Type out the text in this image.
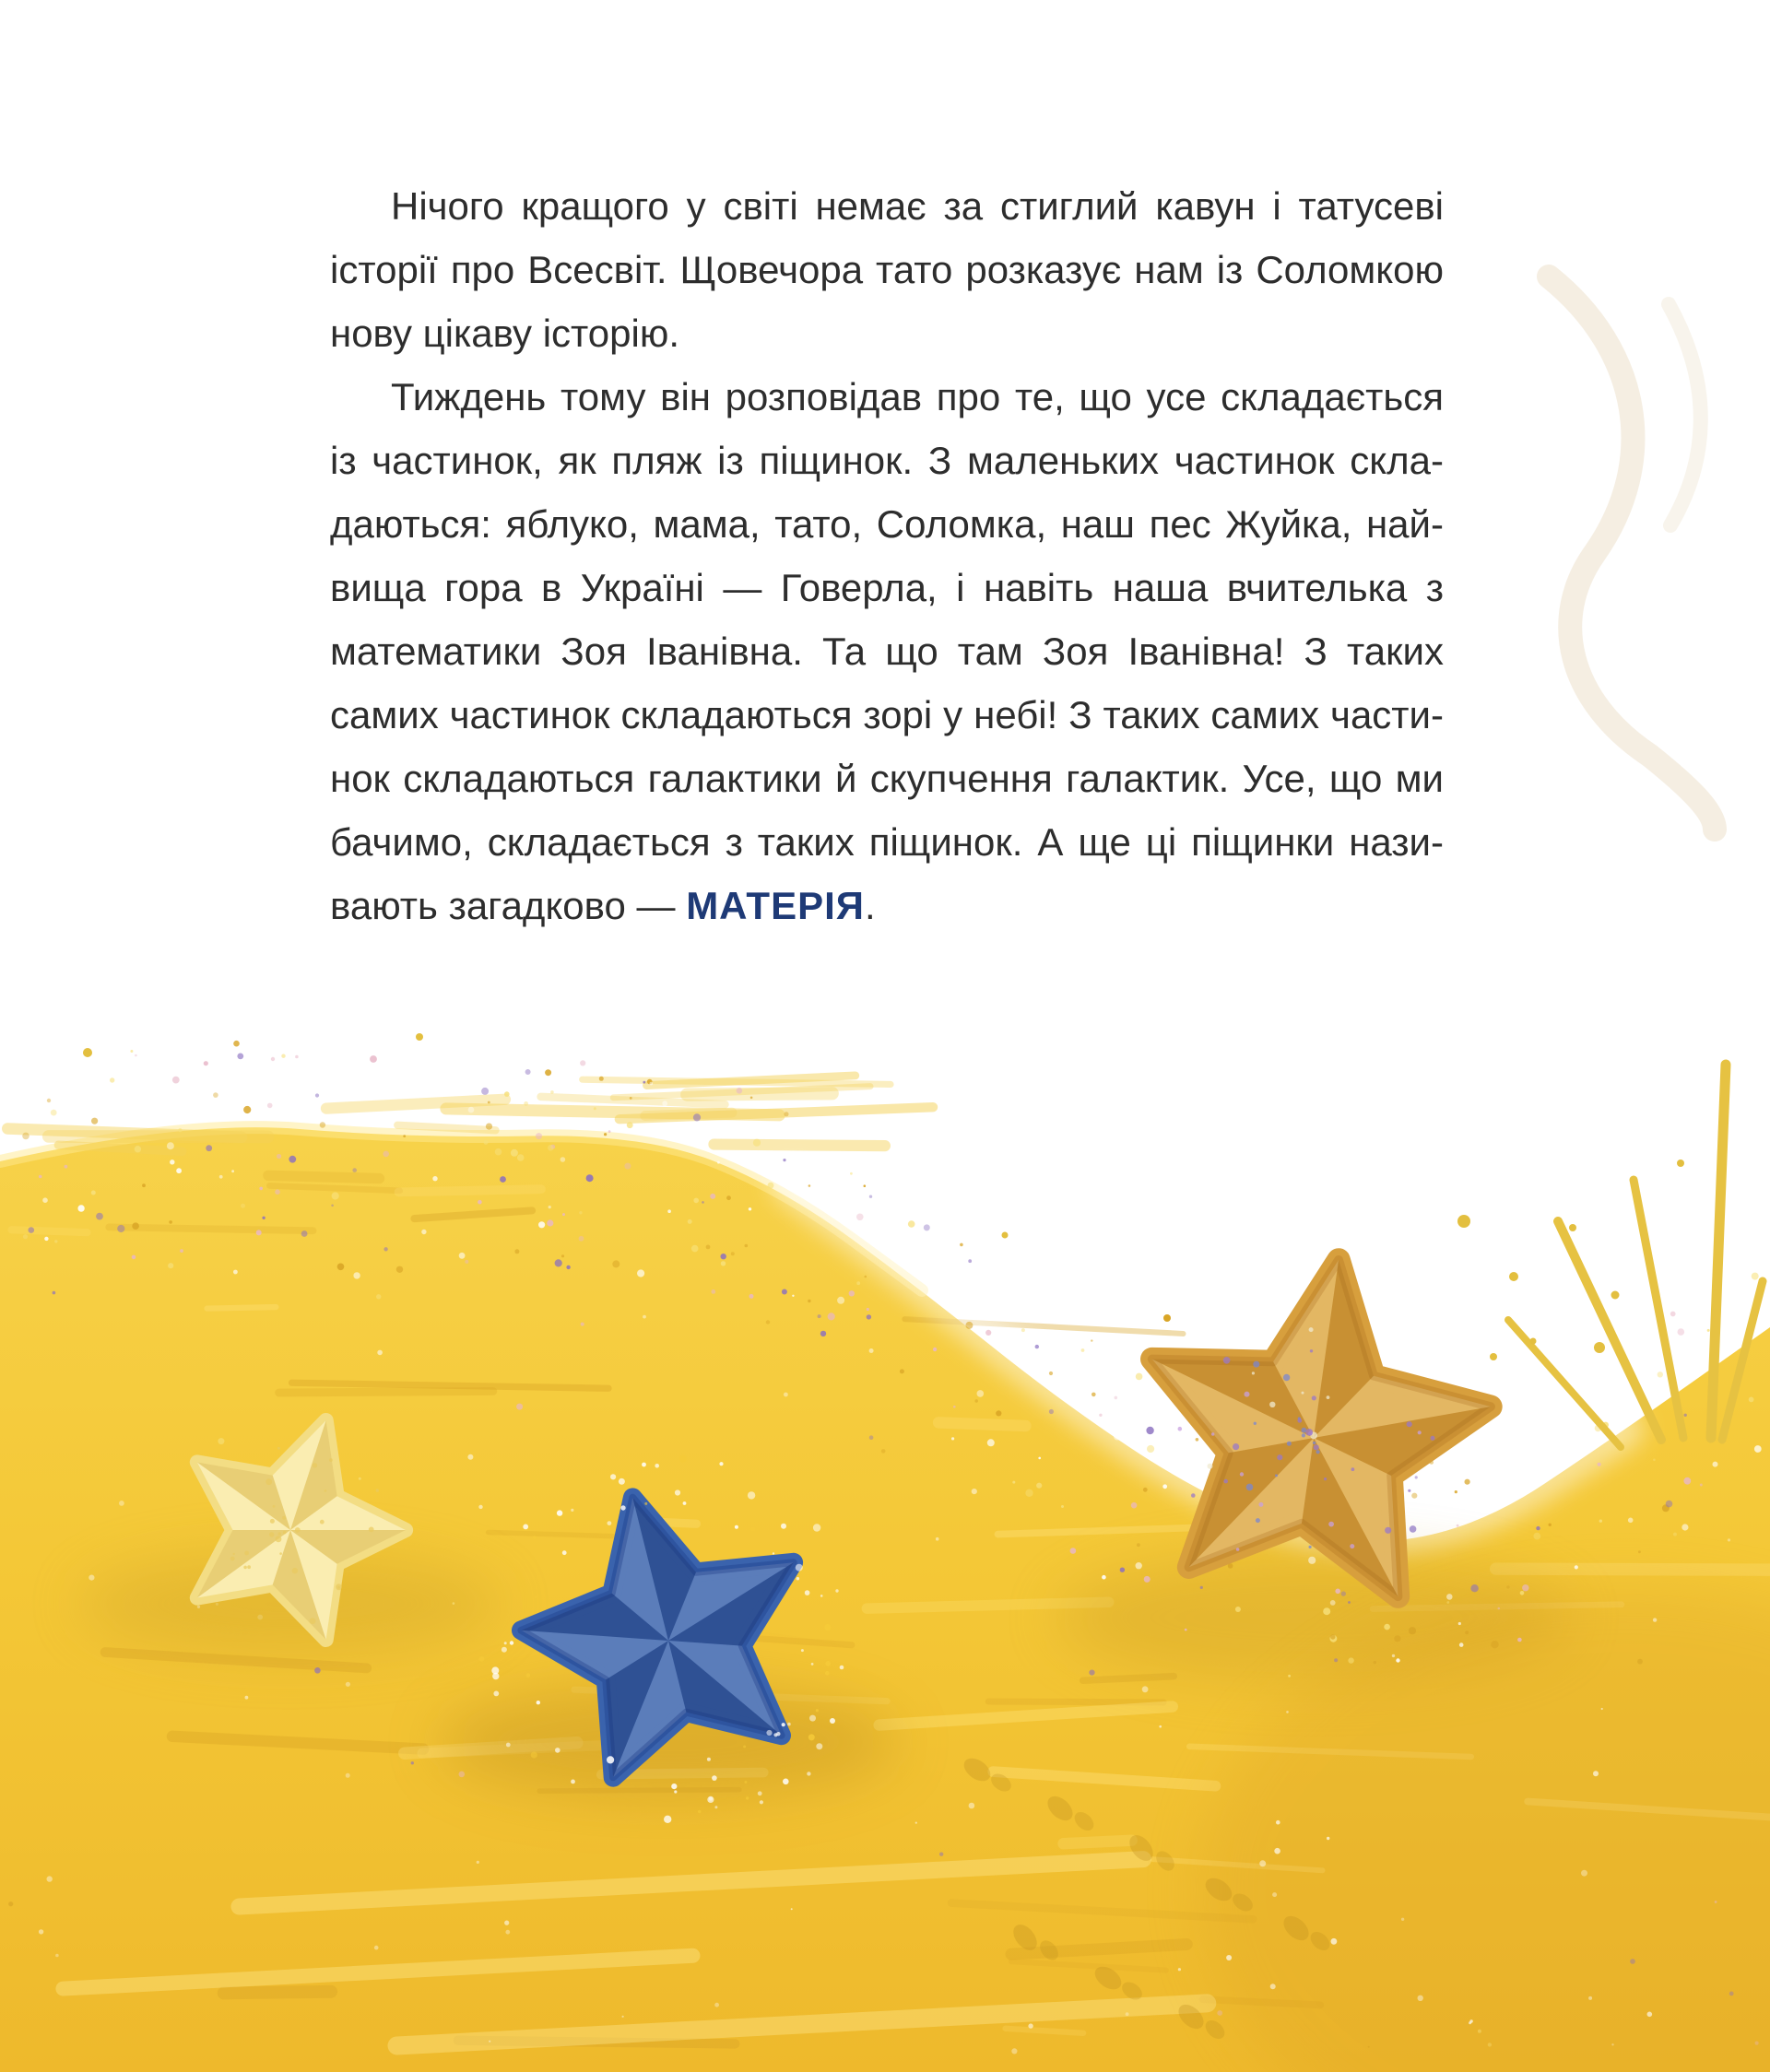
Нічого кращого у світі немає за стиглий кавун і татусеві історії про Всесвіт. Щовечора тато розказує нам із Соломкою нову цікаву історію.

Тиждень тому він розповідав про те, що усе складається із частинок, як пляж із піщинок. З маленьких частинок складаються: яблуко, мама, тато, Соломка, наш пес Жуйка, найвища гора в Україні — Говерла, і навіть наша вчителька з математики Зоя Іванівна. Та що там Зоя Іванівна! З таких самих частинок складаються зорі у небі! З таких самих частинок складаються галактики й скупчення галактик. Усе, що ми бачимо, складається з таких піщинок. А ще ці піщинки називають загадково — МАТЕРІЯ.
